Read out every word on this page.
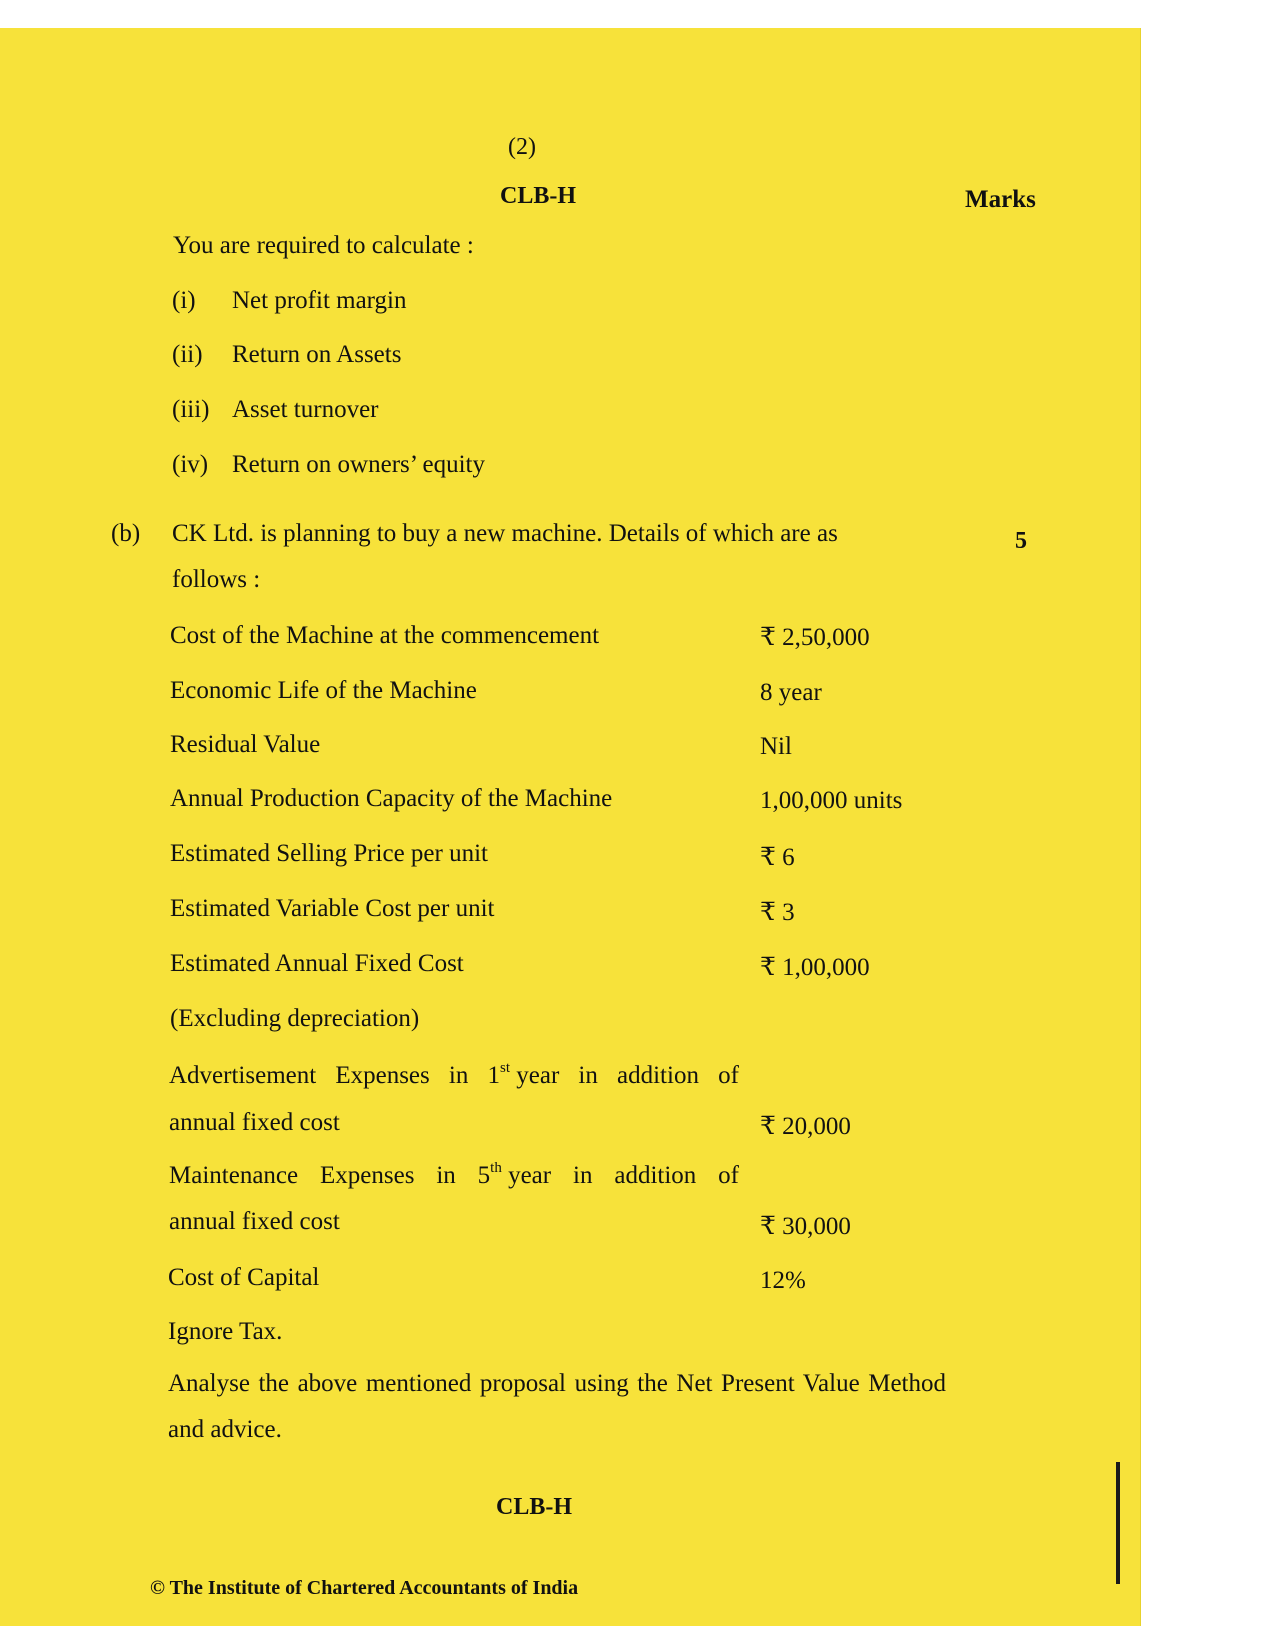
(2)
CLB-H	Marks
You are required to calculate :
(i) Net profit margin
(ii) Return on Assets
(iii) Asset turnover
(iv) Return on owners’ equity
(b) CK Ltd. is planning to buy a new machine. Details of which are as
follows :
5
Cost of the Machine at the commencement	₹ 2,50,000
Economic Life of the Machine	8 year
Residual Value	Nil
Annual Production Capacity of the Machine	1,00,000 units
Estimated Selling Price per unit	₹ 6
Estimated Variable Cost per unit	₹ 3
Estimated Annual Fixed Cost	₹ 1,00,000
(Excluding depreciation)
Advertisement Expenses in 1st year in addition of
annual fixed cost	₹ 20,000
Maintenance Expenses in 5th year in addition of
annual fixed cost	₹ 30,000
Cost of Capital	12%
Ignore Tax.
Analyse the above mentioned proposal using the Net Present Value Method and advice.
CLB-H
© The Institute of Chartered Accountants of India
